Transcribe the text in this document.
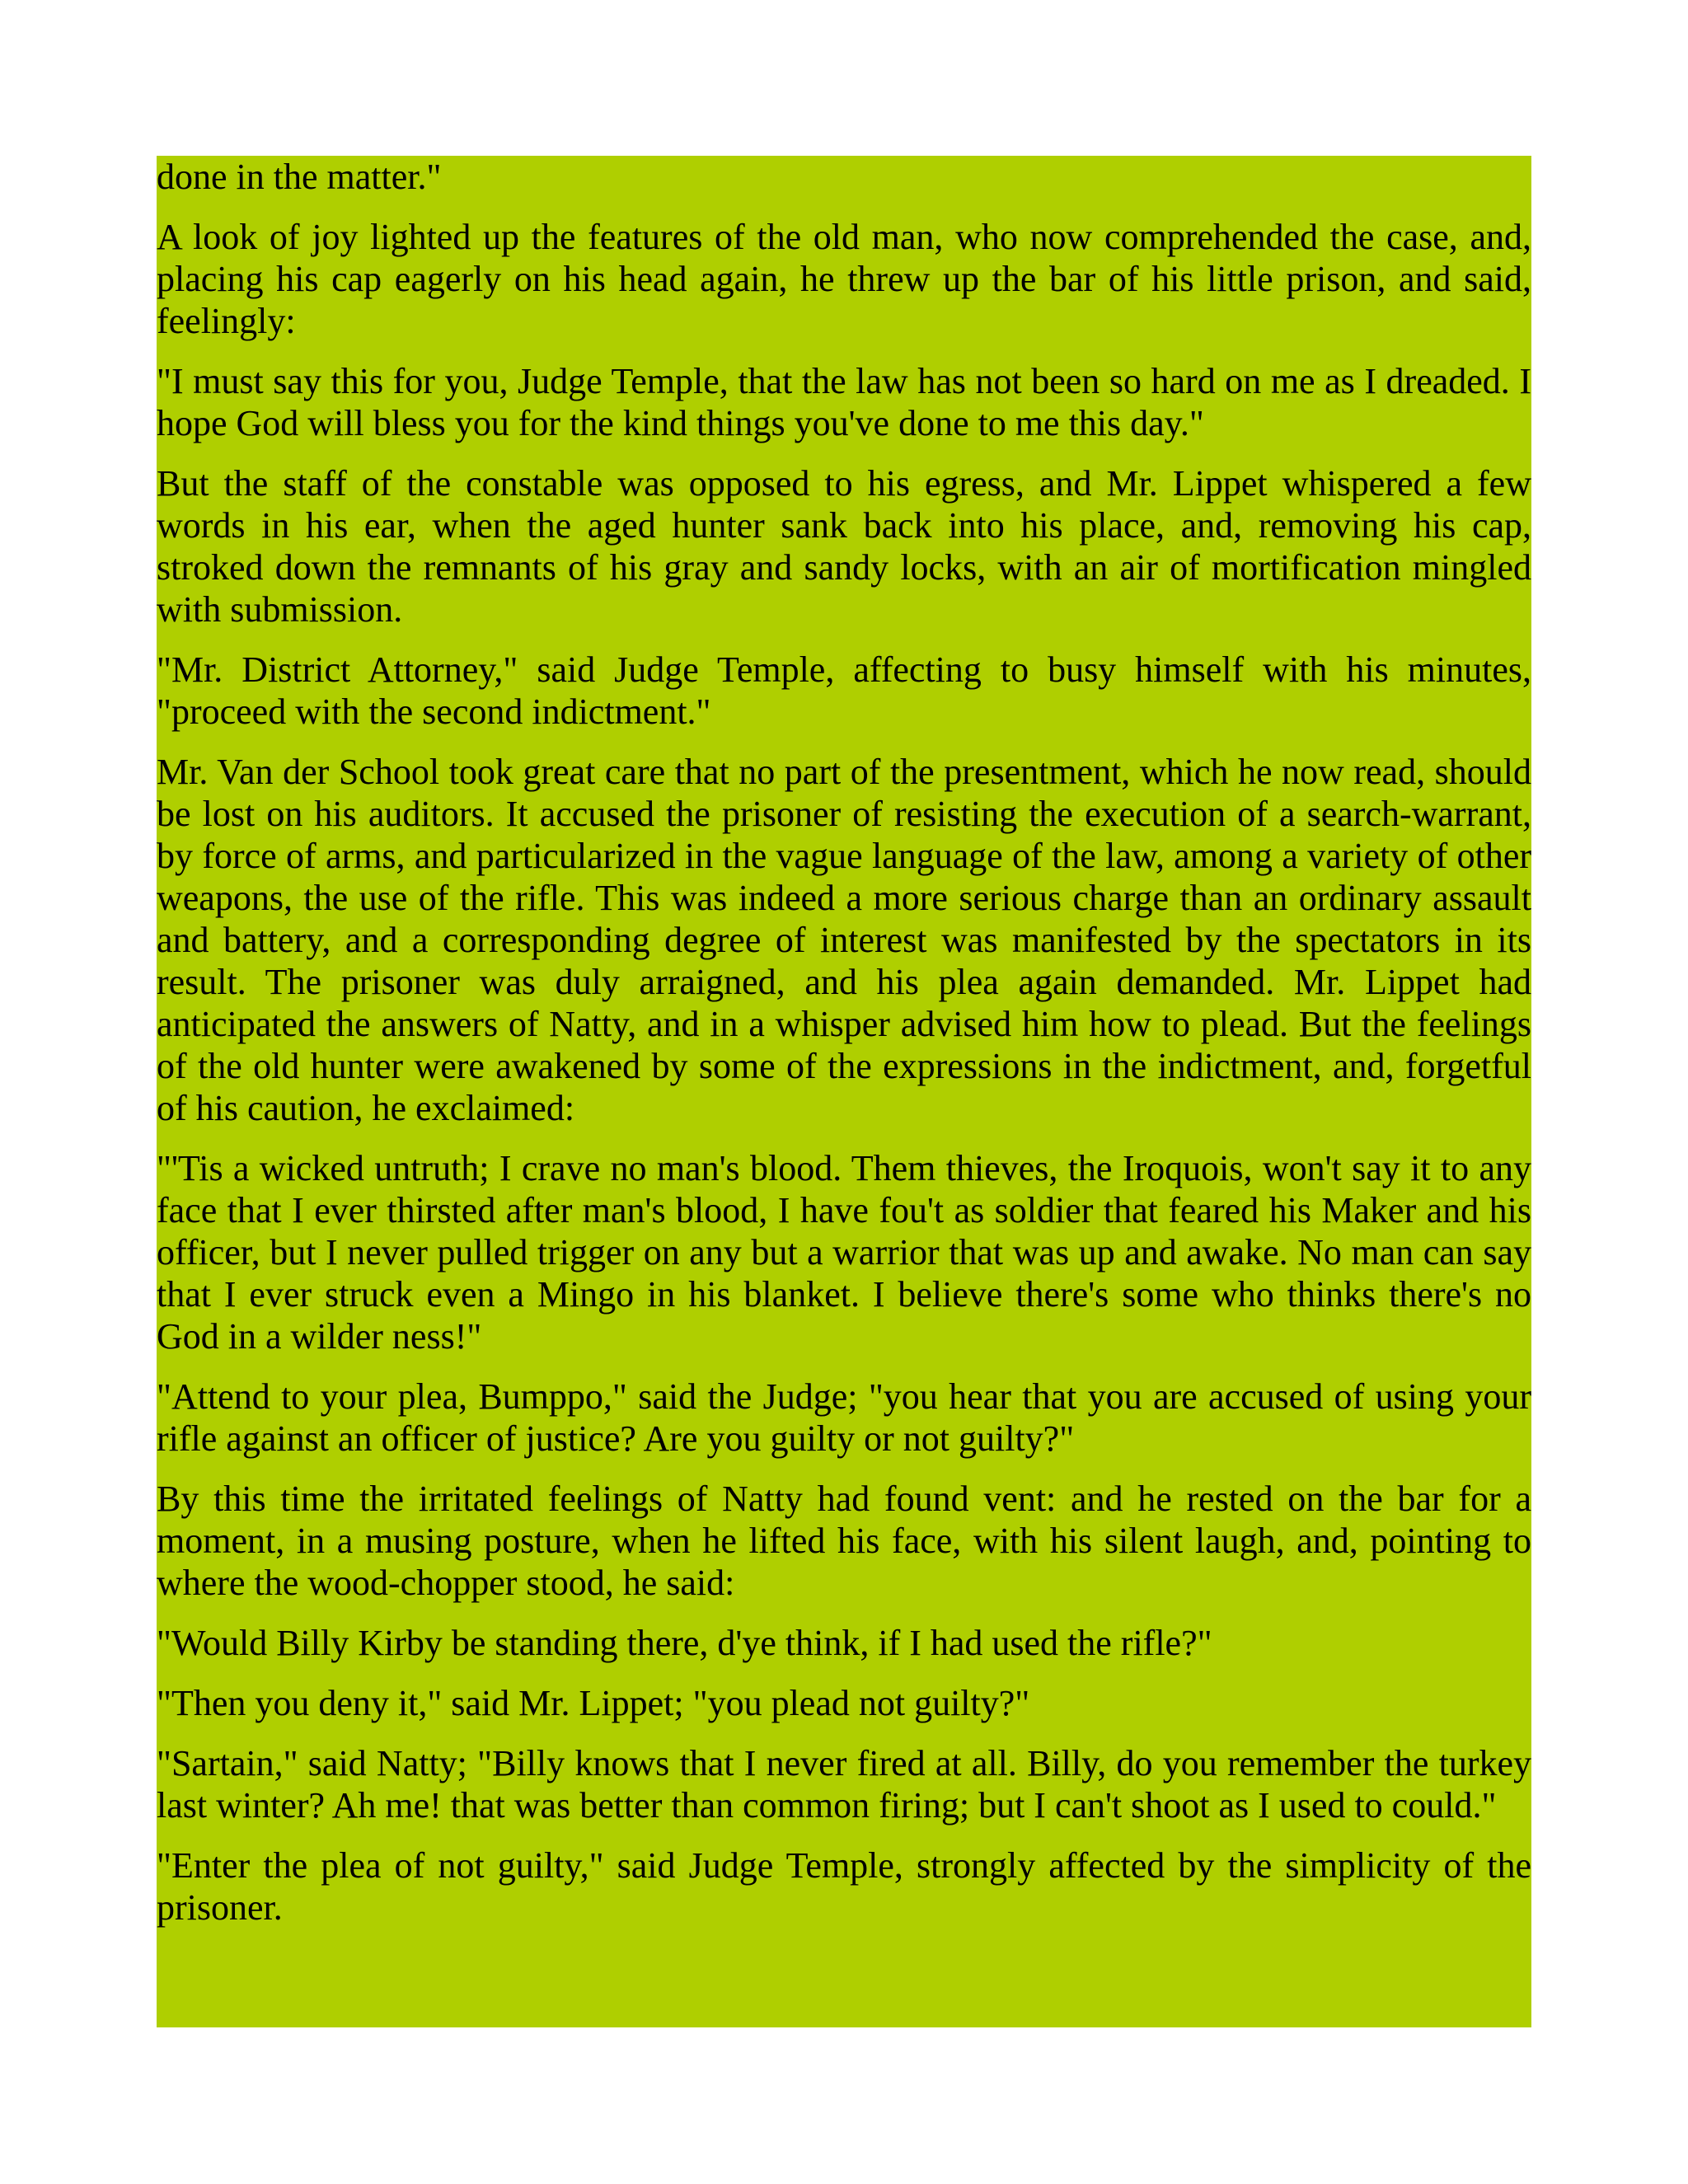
done in the matter."

A look of joy lighted up the features of the old man, who now comprehended the case, and, placing his cap eagerly on his head again, he threw up the bar of his little prison, and said, feelingly:

"I must say this for you, Judge Temple, that the law has not been so hard on me as I dreaded. I hope God will bless you for the kind things you've done to me this day."

But the staff of the constable was opposed to his egress, and Mr. Lippet whispered a few words in his ear, when the aged hunter sank back into his place, and, removing his cap, stroked down the remnants of his gray and sandy locks, with an air of mortification mingled with submission.

"Mr. District Attorney," said Judge Temple, affecting to busy himself with his minutes, "proceed with the second indictment."

Mr. Van der School took great care that no part of the presentment, which he now read, should be lost on his auditors. It accused the prisoner of resisting the execution of a search-warrant, by force of arms, and particularized in the vague language of the law, among a variety of other weapons, the use of the rifle. This was indeed a more serious charge than an ordinary assault and battery, and a corresponding degree of interest was manifested by the spectators in its result. The prisoner was duly arraigned, and his plea again demanded. Mr. Lippet had anticipated the answers of Natty, and in a whisper advised him how to plead. But the feelings of the old hunter were awakened by some of the expressions in the indictment, and, forgetful of his caution, he exclaimed:

"'Tis a wicked untruth; I crave no man's blood. Them thieves, the Iroquois, won't say it to any face that I ever thirsted after man's blood, I have fou't as soldier that feared his Maker and his officer, but I never pulled trigger on any but a warrior that was up and awake. No man can say that I ever struck even a Mingo in his blanket. I believe there's some who thinks there's no God in a wilder ness!"

"Attend to your plea, Bumppo," said the Judge; "you hear that you are accused of using your rifle against an officer of justice? Are you guilty or not guilty?"

By this time the irritated feelings of Natty had found vent: and he rested on the bar for a moment, in a musing posture, when he lifted his face, with his silent laugh, and, pointing to where the wood-chopper stood, he said:

"Would Billy Kirby be standing there, d'ye think, if I had used the rifle?"

"Then you deny it," said Mr. Lippet; "you plead not guilty?"

"Sartain," said Natty; "Billy knows that I never fired at all. Billy, do you remember the turkey last winter? Ah me! that was better than common firing; but I can't shoot as I used to could."

"Enter the plea of not guilty," said Judge Temple, strongly affected by the simplicity of the prisoner.
